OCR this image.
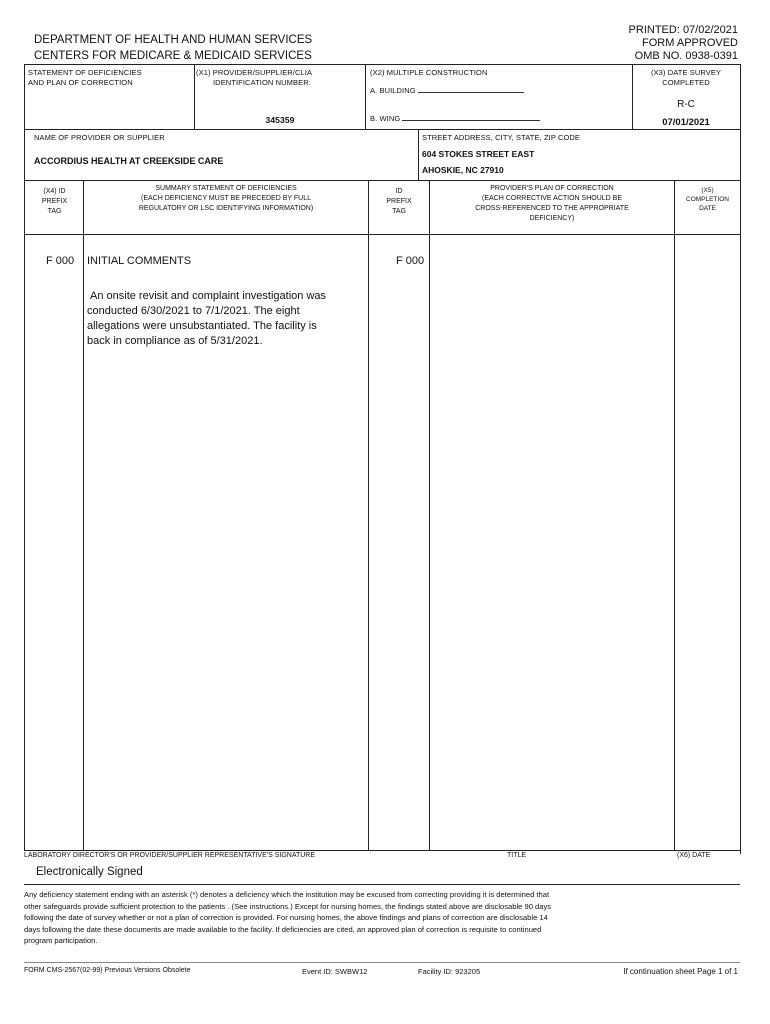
PRINTED: 07/02/2021
FORM APPROVED
OMB NO. 0938-0391
DEPARTMENT OF HEALTH AND HUMAN SERVICES
CENTERS FOR MEDICARE & MEDICAID SERVICES
STATEMENT OF DEFICIENCIES
AND PLAN OF CORRECTION
(X1) PROVIDER/SUPPLIER/CLIA
IDENTIFICATION NUMBER:
345359
(X2) MULTIPLE CONSTRUCTION
A. BUILDING
B. WING
(X3) DATE SURVEY
COMPLETED
R-C
07/01/2021
NAME OF PROVIDER OR SUPPLIER
ACCORDIUS HEALTH AT CREEKSIDE CARE
STREET ADDRESS, CITY, STATE, ZIP CODE
604 STOKES STREET EAST
AHOSKIE, NC 27910
(X4) ID
PREFIX
TAG
SUMMARY STATEMENT OF DEFICIENCIES
(EACH DEFICIENCY MUST BE PRECEDED BY FULL
REGULATORY OR LSC IDENTIFYING INFORMATION)
ID
PREFIX
TAG
PROVIDER'S PLAN OF CORRECTION
(EACH CORRECTIVE ACTION SHOULD BE
CROSS-REFERENCED TO THE APPROPRIATE
DEFICIENCY)
(X5)
COMPLETION
DATE
F 000 INITIAL COMMENTS	F 000
An onsite revisit and complaint investigation was
conducted 6/30/2021 to 7/1/2021. The eight
allegations were unsubstantiated. The facility is
back in compliance as of 5/31/2021.
LABORATORY DIRECTOR'S OR PROVIDER/SUPPLIER REPRESENTATIVE'S SIGNATURE	TITLE	(X6) DATE
Electronically Signed
Any deficiency statement ending with an asterisk (*) denotes a deficiency which the institution may be excused from correcting providing it is determined that
other safeguards provide sufficient protection to the patients . (See instructions.) Except for nursing homes, the findings stated above are disclosable 90 days
following the date of survey whether or not a plan of correction is provided. For nursing homes, the above findings and plans of correction are disclosable 14
days following the date these documents are made available to the facility. If deficiencies are cited, an approved plan of correction is requisite to continued
program participation.
FORM CMS-2567(02-99) Previous Versions Obsolete	Event ID: SWBW12	Facility ID: 923205	If continuation sheet Page 1 of 1
